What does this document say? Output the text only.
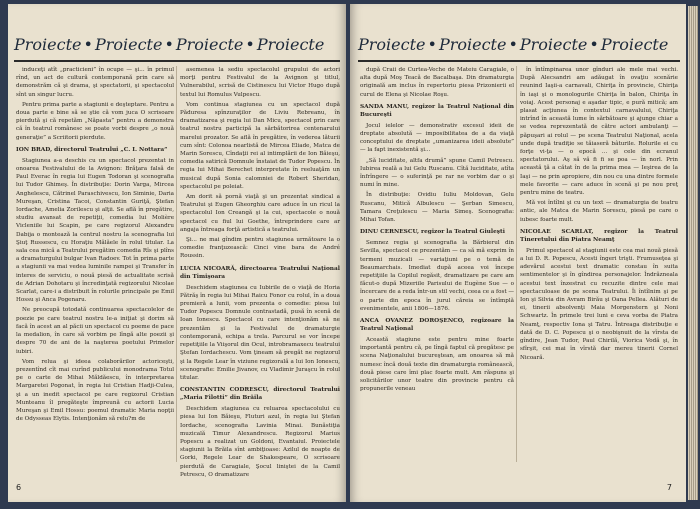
Proiecte • Proiecte • Proiecte • Proiecte

induceţi atît „practicieni” în ocupe — şi... în primul rînd, un act de cultură contemporană prin care să demonstrăm că şi drama, şi spectatorii, şi spectacolul sînt un singur lucru.

Pentru prima parte a stagiunii e deşteptare. Pentru a doua parte e bine să se ştie că vom juca O scrisoare pierdută şi că repetăm „Năpasta” pentru a demonstra că în teatrul românesc se poate vorbi despre „o nouă generaţie” a Scriitorii pierdute.

ION BRAD, directorul Teatrului „C. I. Nottara”

Stagiunea a-a deschis cu un spectacol prezentat in onoarea Festivalului de la Avignon: Brăţara falsă de Paul Everac în regia lui Eugen Todoran şi scenografia lui Tudor Ghimeş. În distribuţie: Dorin Varga, Mircea Anghelescu, Cătrinel Paraschivescu, Ion Siminie, Daria Mureşan, Cristina Tacoi, Constantin Guriţă, Ştefan Iordache, Amelia Zorilescu şi alţii. Se află în pregătire, studiu avansat de repetiţii, comedia lui Molière Vicleniile lui Scapin, pe care regizorul Alexandru Dabija o montează la centrul nostru la scenografia lui Şiuţ Russescu, cu Horaţiu Mălăele în rolul titular. La sala cea mică a Teatrului pregătim comedia Rîs şi plîns a dramaturgului bulgar Ivan Radoev. Tot în prima parte a stagiunii va mai vedea luminile rampei şi Transfer în interes de serviciu, o nouă piesă de actualitate scrisă de Adrian Dohotaru şi încredinţată regizorului Nicolae Scarlat, care-i a distribuit în rolurile principale pe Emil Hossu şi Anca Pogenaru.

Ne preocupă totodată continuarea spectacolelor de poezie pe care teatrul nostru le-a iniţiat şi dorim să facă în acest an al păcii un spectacol cu poeme de pace la medalion, în care să vorbim pe lîngă alte poezii şi despre 70 de ani de la naşterea poetului Primelor iubiri.

Vom relua şi ideea colaborărilor actoriceşti, prezentînd cît mai curînd publicului monodrama Totul pe o carte de Mihai Măldăescu, în interpretarea Margaretei Pogonat, în regia lui Cristian Hadji-Culea, şi a un inedit spectacol pe care regizorul Cristian Munteanu îl pregăteşte împreună cu actorii Lucia Mureşan şi Emil Hossu: poemul dramatic Maria nopţii de Odysseas Elytis. Intenţionăm să relu?m de

asemenea la sediu spectacolul grupului de actori morţi pentru Festivalul de la Avignon şi titlul, Vulnerabilul, scrisă de Cistinescu lui Victor Hugo după textul lui Romulus Vulpescu.

Vom continua stagiunea cu un spectacol după Păduresa spînzuraţilor de Liviu Rebreanu, în dramatizarea şi regia lui Dan Micu, spectacol prin care teatrul nostru participă la sărbătorirea centenarului marelui prozator. Se află în pregătire, în vederea lăturii cum sînt: Colonoa nearlistă de Mircea Eliade, Matca de Marin Sorescu, Cîndaţii rei al intimplării de Ion Băieşu, comedia satirică Domnule înstaiat de Tudor Popescu. În regia lui Mihai Berechet interpretate în reeluaţăm un musical după Sonia calomniei de Robert Sheridan, spectacolul pe poleiat.

Am dorit să pornă viaţă şi un prezentat sindical a Teatrului şi Eugen Gheorghiu care aduce în un ricul la spectacolul Ion Creangă şi la cui, spectacole o nouă spectacol cu fiul lui Goethe, întreprindere care ar angaja întreaga forţă artistică a teatrului.

Şi... ne mai gîndim pentru stagiunea următoare la o comedie franţuzească: Cinci vine bara de André Roussin.

LUCIA NICOARĂ, directoarea Teatrului Naţional din Timişoara

Deschidem stagiunea cu Iubirile de o viaţă de Horia Pătrăş în regia lui Mihai Raicu Fonor cu rolul, în a doua premieră a lunii, vom prezenta o comedie: piesa lui Tudor Popescu Domnule contrastadă, pusă în scenă de Ioan Ionescu. Spectacol cu care intenţionăm să ne prezentăm şi la Festivalul de dramaturgie contemporană, echipa a trela. Parcurul se vor începe repetiţiile la Viişorul din Ocul, introbramaxecu teatrului Ştefan Iordachescu. Vom ţineam să pregăt ne regizorul şi la Regele Lear în viziune regizorală a lui Ion Ionescu, scenografie: Emilie Jivanov, cu Vladimir Juraşcu în rolul titular.

CONSTANTIN CODRESCU, directorul Teatrului „Maria Filotti” din Brăila

Deschidem stagiunea cu reluarea spectacolului cu piesa lui Ion Băieşu, Fluturi azul, în regia lui Ştefan Iordache, scenografia Lavinia Minai. Bunăstiţia muzicală Timur Alexandrescu. Regizorul Marius Popescu a realizat un Goldoni, Evantaiul. Proiectele stagiunii la Brăila sînt ambiţioase: Azilul de noapte de Gorki, Regele Lear de Shakespeare, O scrisoare pierdută de Caragiale, Şocul liniştei de la Camil Petrescu, O dramatizare

6
Proiecte • Proiecte • Proiecte • Proiecte

după Craii de Curtea-Veche de Mateiu Caragiale, o alta după Moş Teacă de Bacalbaşa. Din dramaturgia originală am inclus în repertoriu piesa Prizonierii el curul de Elena şi Nicolae Roşu.

SANDA MANU, regizor la Teatrul Naţional din Bucureşti

Jocul ielelor — demonstrativ excesul ideii de dreptate absolută — imposibilitatea de a da viaţă conceptului de dreptate „umanizarea ideii absolute” — la fapt inexistentă şi...

„Să luciditate, altfa drumă” spune Camil Petrescu. Iubirea reală a lui Gelu Ruscanu. Cîtă luciditate, atîta înfrîngere — o suferinţă pe rar ne vorbim dar o şi numi în mine.

În distribuţie: Ovidiu Iuliu Moldovan, Gelu Ruscanu, Mitică Albulescu — Şerban Simescu, Tamara Creţulescu — Maria Simeş. Scenografia: Mihai Tofan.

DINU CERNESCU, regizor la Teatrul Giuleşti

Semnez regia şi scenografia la Bărbierul din Sevilla, spectacol ce prezentăm — ca să mă exprim în termeni muzicali — variaţiuni pe o temă de Beaumarchais. Imediat după aceea voi începe repetiţiile la Copilul regăsit, dramatizare pe care am făcut-o după Mizeriile Parisului de Eugène Sue — o încercare de a reda într-un stil vechi, ceea ce a fost — o parte din epoca în jurul căreia se întîmplă evenimentele, anii 1806—1876.

ANCA OVANEZ DOROŞENCO, regizoare la Teatrul Naţional

Această stagiune este pentru mine foarte importantă pentru că, pe lîngă faptul că pregătesc pe scena Naţionalului bucureştean, am onoarea să mă numesc încă două texte din dramaturgia românească, două piese care îmi plac foarte mult. Am răspuns şi solicitărilor unor teatre din provincie pentru că propunerile veneau

în întîmpinarea unor gînduri ale mele mai vechi. După Alecsandri am adăugat în ovaţiu scenărie reunind Iaşii-a carnavali, Chiriţa în provincie, Chiriţa în iaşi şi o monologurile Chiriţa în balon, Chiriţa în voiaj. Acest personaj e aşadar tipic, e pură mitică; am plasat acţiunea în contextul carnavalului, Chiriţa intrînd în această lume în sărbătoare şi ajunge chiar a se vedea reprezentată de către actori ambulanţi — păpuşari ai rolul — pe scena Teatrului Naţional, acela unde după tradiţie se tăiaseră bâturile. Rolurile ei cu forţe vi-ţa — o epocă ... şi cele din ecranul spectatorului. Aş să vă fi fi se poa — în norl. Prin această ţă a cătat în de la prima mea — Ieşirea de la Iaşi — ne prin apropiere, din nou cu una dintre formele mele favorite — care aduce în scenă şi pe nou preţ pentru mine de teatru.

Mă voi întîlni şi cu un text — dramaturgia de teatru antic, ale Matca de Marin Sorescu, piesă pe care o iubesc foarte mult.

NICOLAE SCARLAT, regizor la Teatrul Tineretului din Piatra Neamţ

Primul spectacol al stagiunii este cea mai nouă piesă a lui D. R. Popescu, Acesti îngeri trişti. Frumuseţea şi adevărul acestui text dramatic constau în suita sentimentelor şi în gîndirea personajelor. Îndrăzneala acestui text înzestrat cu recuzite dintre cele mai spectaculoase de pe scena Teatrului. Îi întîlnim şi pe Ion şi Silvia din Avram Birău şi Oana Pellea. Alături de ei, tinerii absolvenţi Maia Morgenstern şi Noni Schwartz. În primele trei luni e ceva vorba de Piatra Neamţ, respectiv Iona şi Tatru. Întreaga distribuţie e dată de D. C. Popescu şi o neobişnuit de la vîrsta de gîndire, Jean Tudor, Paul Chirilă, Viorica Vodă şi, în sfîrşit, cei mai în vîrstă dar mereu tinerii Cornel Nicoară.

7
